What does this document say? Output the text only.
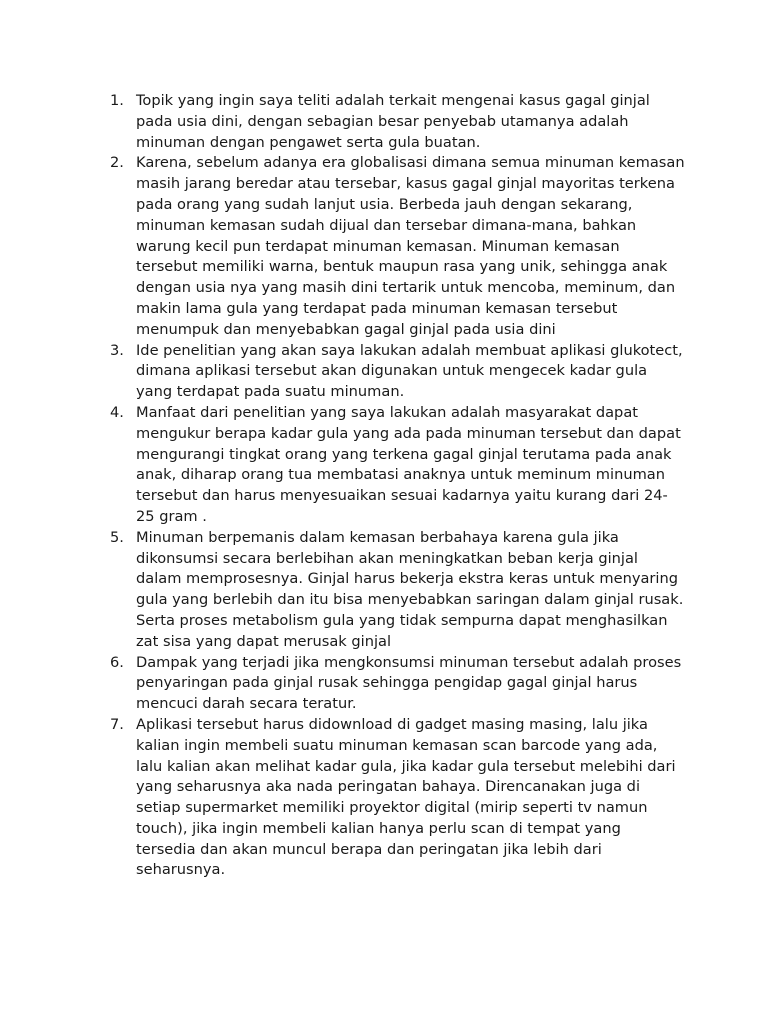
1. Topik yang ingin saya teliti adalah terkait mengenai kasus gagal ginjal pada usia dini, dengan sebagian besar penyebab utamanya adalah minuman dengan pengawet serta gula buatan.
2. Karena, sebelum adanya era globalisasi dimana semua minuman kemasan masih jarang beredar atau tersebar, kasus gagal ginjal mayoritas terkena pada orang yang sudah lanjut usia. Berbeda jauh dengan sekarang, minuman kemasan sudah dijual dan tersebar dimana-mana, bahkan warung kecil pun terdapat minuman kemasan. Minuman kemasan tersebut memiliki warna, bentuk maupun rasa yang unik, sehingga anak dengan usia nya yang masih dini tertarik untuk mencoba, meminum, dan makin lama gula yang terdapat pada minuman kemasan tersebut menumpuk dan menyebabkan gagal ginjal pada usia dini
3. Ide penelitian yang akan saya lakukan adalah membuat aplikasi glukotect, dimana aplikasi tersebut akan digunakan untuk mengecek kadar gula yang terdapat pada suatu minuman.
4. Manfaat dari penelitian yang saya lakukan adalah masyarakat dapat mengukur berapa kadar gula yang ada pada minuman tersebut dan dapat mengurangi tingkat orang yang terkena gagal ginjal terutama pada anak anak, diharap orang tua membatasi anaknya untuk meminum minuman tersebut dan harus menyesuaikan sesuai kadarnya yaitu kurang dari 24-25 gram .
5. Minuman berpemanis dalam kemasan berbahaya karena gula jika dikonsumsi secara berlebihan akan meningkatkan beban kerja ginjal dalam memprosesnya. Ginjal harus bekerja ekstra keras untuk menyaring gula yang berlebih dan itu bisa menyebabkan saringan dalam ginjal rusak. Serta proses metabolism gula yang tidak sempurna dapat menghasilkan zat sisa yang dapat merusak ginjal
6. Dampak yang terjadi jika mengkonsumsi minuman tersebut adalah proses penyaringan pada ginjal rusak sehingga pengidap gagal ginjal harus mencuci darah secara teratur.
7. Aplikasi tersebut harus didownload di gadget masing masing, lalu jika kalian ingin membeli suatu minuman kemasan scan barcode yang ada, lalu kalian akan melihat kadar gula, jika kadar gula tersebut melebihi dari yang seharusnya aka nada peringatan bahaya. Direncanakan juga di setiap supermarket memiliki proyektor digital (mirip seperti tv namun touch), jika ingin membeli kalian hanya perlu scan di tempat yang tersedia dan akan muncul berapa dan peringatan jika lebih dari seharusnya.
